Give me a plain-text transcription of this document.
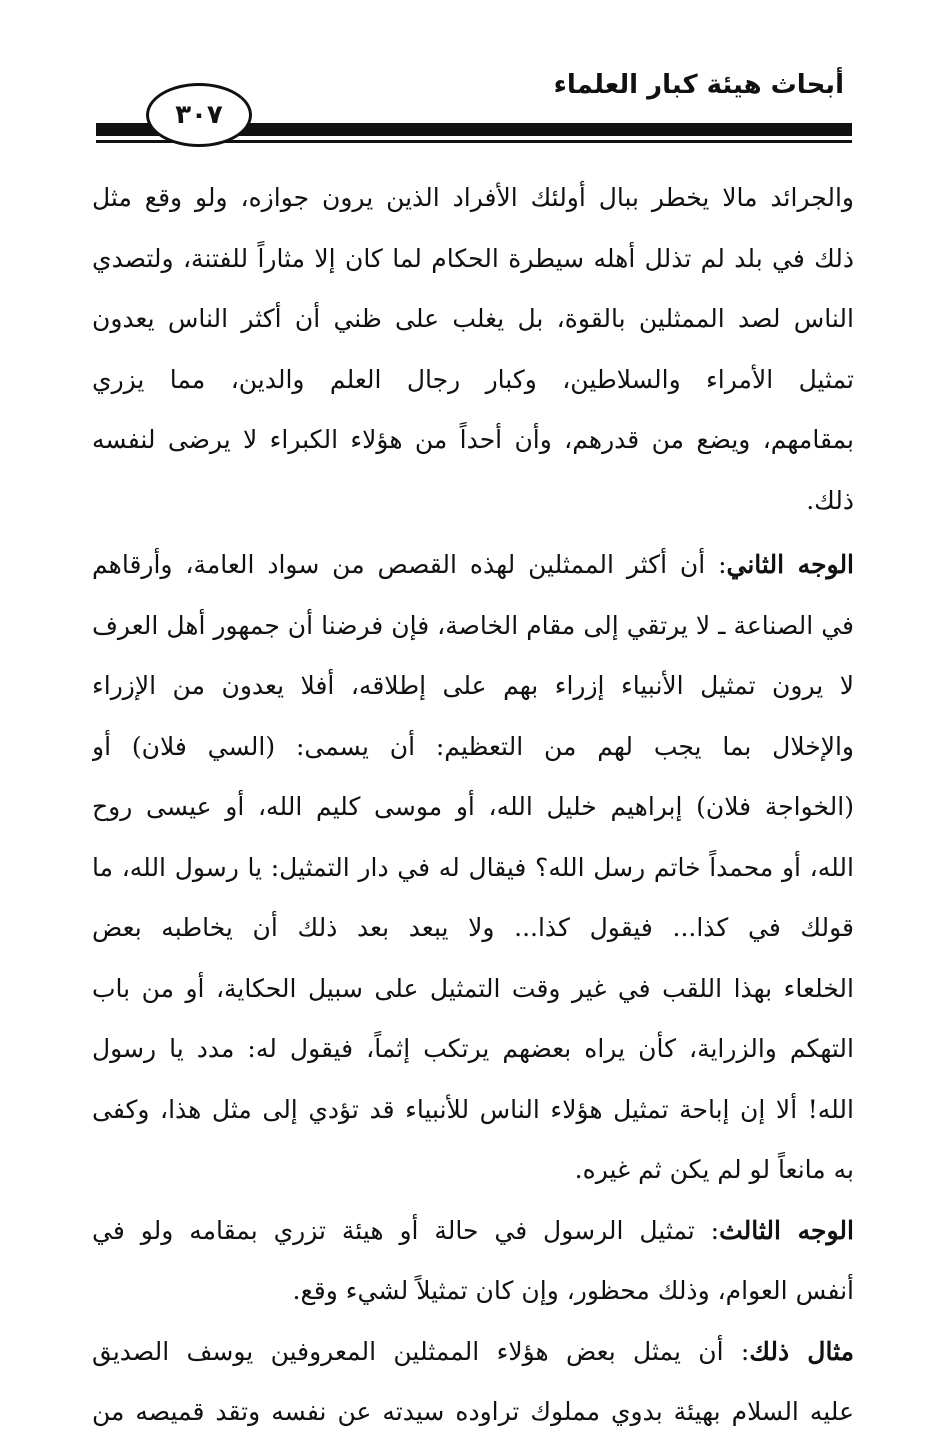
أبحاث هيئة كبار العلماء
٣٠٧
والجرائد مالا يخطر ببال أولئك الأفراد الذين يرون جوازه، ولو وقع مثل
ذلك في بلد لم تذلل أهله سيطرة الحكام لما كان إلا مثاراً للفتنة، ولتصدي
الناس لصد الممثلين بالقوة، بل يغلب على ظني أن أكثر الناس يعدون
تمثيل الأمراء والسلاطين، وكبار رجال العلم والدين، مما يزري
بمقامهم، ويضع من قدرهم، وأن أحداً من هؤلاء الكبراء لا يرضى لنفسه
ذلك.
الوجه الثاني: أن أكثر الممثلين لهذه القصص من سواد العامة، وأرقاهم
في الصناعة ـ لا يرتقي إلى مقام الخاصة، فإن فرضنا أن جمهور أهل العرف
لا يرون تمثيل الأنبياء إزراء بهم على إطلاقه، أفلا يعدون من الإزراء
والإخلال بما يجب لهم من التعظيم: أن يسمى: (السي فلان) أو
(الخواجة فلان) إبراهيم خليل الله، أو موسى كليم الله، أو عيسى روح
الله، أو محمداً خاتم رسل الله؟ فيقال له في دار التمثيل: يا رسول الله، ما
قولك في كذا... فيقول كذا... ولا يبعد بعد ذلك أن يخاطبه بعض
الخلعاء بهذا اللقب في غير وقت التمثيل على سبيل الحكاية، أو من باب
التهكم والزراية، كأن يراه بعضهم يرتكب إثماً، فيقول له: مدد يا رسول
الله! ألا إن إباحة تمثيل هؤلاء الناس للأنبياء قد تؤدي إلى مثل هذا، وكفى
به مانعاً لو لم يكن ثم غيره.
الوجه الثالث: تمثيل الرسول في حالة أو هيئة تزري بمقامه ولو في
أنفس العوام، وذلك محظور، وإن كان تمثيلاً لشيء وقع.
مثال ذلك: أن يمثل بعض هؤلاء الممثلين المعروفين يوسف الصديق
عليه السلام بهيئة بدوي مملوك تراوده سيدته عن نفسه وتقد قميصه من
